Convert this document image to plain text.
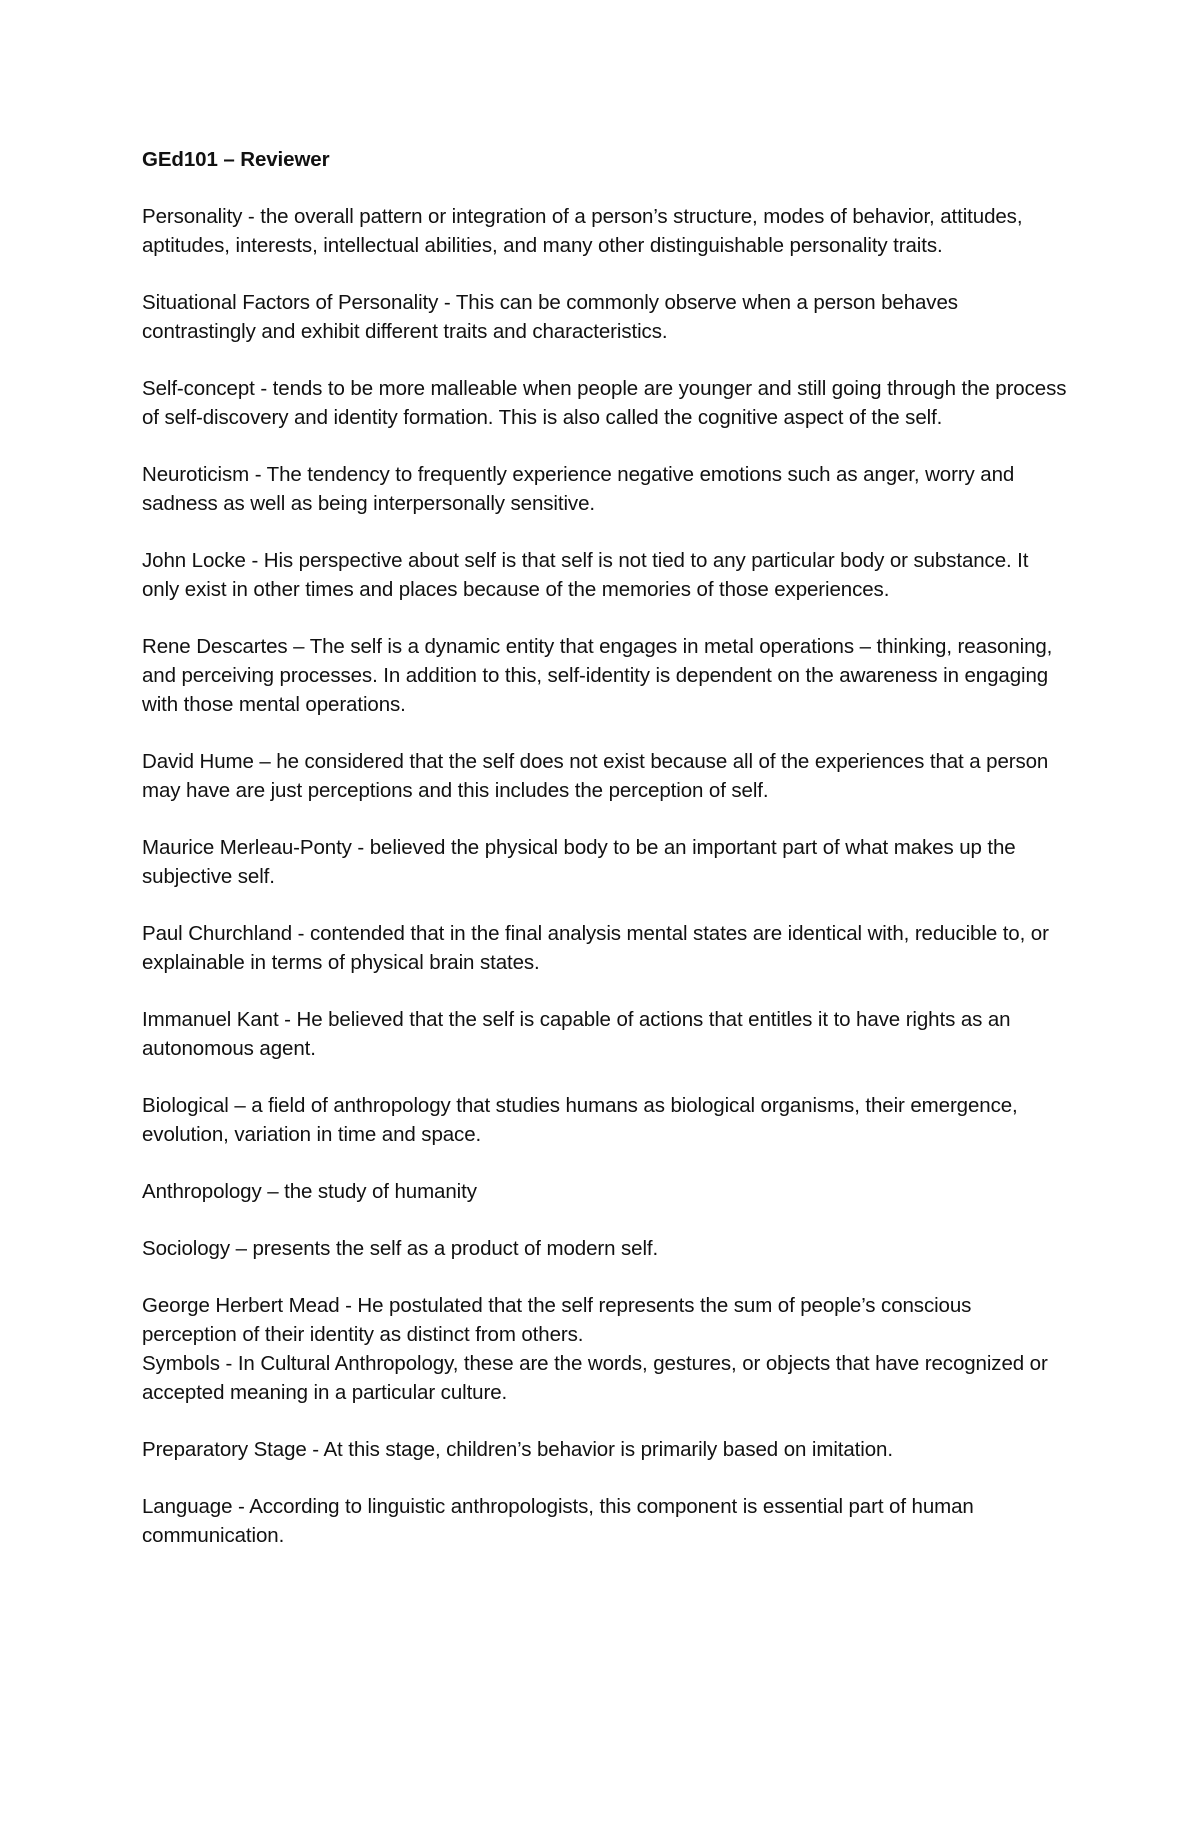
GEd101 – Reviewer

Personality - the overall pattern or integration of a person’s structure, modes of behavior, attitudes, aptitudes, interests, intellectual abilities, and many other distinguishable personality traits.

Situational Factors of Personality - This can be commonly observe when a person behaves contrastingly and exhibit different traits and characteristics.

Self-concept - tends to be more malleable when people are younger and still going through the process of self-discovery and identity formation. This is also called the cognitive aspect of the self.

Neuroticism - The tendency to frequently experience negative emotions such as anger, worry and sadness as well as being interpersonally sensitive.

John Locke - His perspective about self is that self is not tied to any particular body or substance. It only exist in other times and places because of the memories of those experiences.

Rene Descartes – The self is a dynamic entity that engages in metal operations – thinking, reasoning, and perceiving processes. In addition to this, self-identity is dependent on the awareness in engaging with those mental operations.

David Hume – he considered that the self does not exist because all of the experiences that a person may have are just perceptions and this includes the perception of self.

Maurice Merleau-Ponty - believed the physical body to be an important part of what makes up the subjective self.

Paul Churchland - contended that in the final analysis mental states are identical with, reducible to, or explainable in terms of physical brain states.

Immanuel Kant - He believed that the self is capable of actions that entitles it to have rights as an autonomous agent.

Biological – a field of anthropology that studies humans as biological organisms, their emergence, evolution, variation in time and space.

Anthropology – the study of humanity

Sociology – presents the self as a product of modern self.

George Herbert Mead - He postulated that the self represents the sum of people’s conscious perception of their identity as distinct from others.

Symbols - In Cultural Anthropology, these are the words, gestures, or objects that have recognized or accepted meaning in a particular culture.

Preparatory Stage - At this stage, children’s behavior is primarily based on imitation.

Language - According to linguistic anthropologists, this component is essential part of human communication.
